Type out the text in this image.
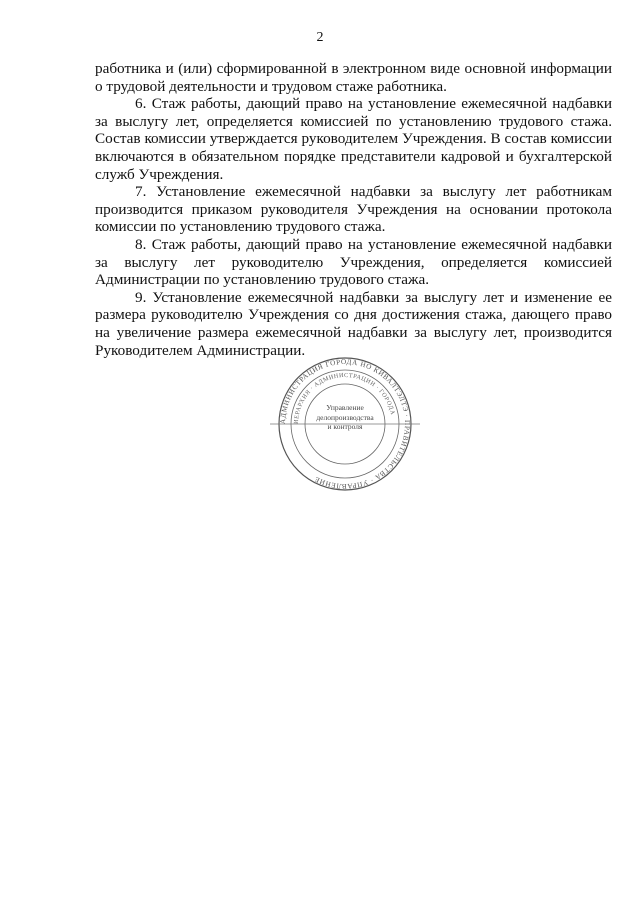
2

работника и (или) сформированной в электронном виде основной информации о трудовой деятельности и трудовом стаже работника.

6. Стаж работы, дающий право на установление ежемесячной надбавки за выслугу лет, определяется комиссией по установлению трудового стажа. Состав комиссии утверждается руководителем Учреждения. В состав комиссии включаются в обязательном порядке представители кадровой и бухгалтерской служб Учреждения.

7. Установление ежемесячной надбавки за выслугу лет работникам производится приказом руководителя Учреждения на основании протокола комиссии по установлению трудового стажа.

8. Стаж работы, дающий право на установление ежемесячной надбавки за выслугу лет руководителю Учреждения, определяется комиссией Администрации по установлению трудового стажа.

9. Установление ежемесячной надбавки за выслугу лет и изменение ее размера руководителю Учреждения со дня достижения стажа, дающего право на увеличение размера ежемесячной надбавки за выслугу лет, производится Руководителем Администрации.

АДМИНИСТРАЦИЯ ГОРОДА НО КИВАЛТЭЛТЭ · ПРАВИТЕЛЬСТВА · УПРАВЛЕНИЕ
ИЕРАРХИЯ · АДМИНИСТРАЦИИ · ГОРОДА
Управление
делопроизводства
и контроля
